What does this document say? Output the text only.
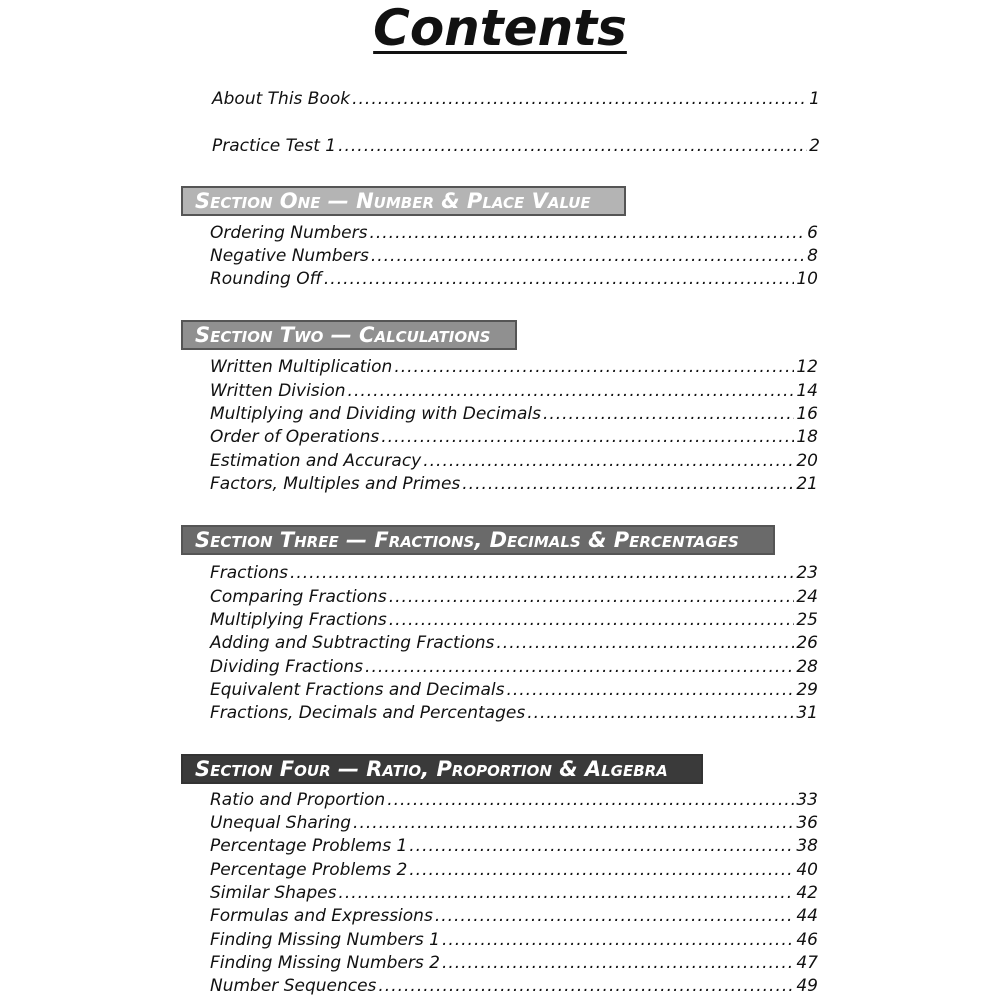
Contents
About This Book .....	1
Practice Test 1 .....	2
Section One — Number & Place Value
Ordering Numbers .....	6
Negative Numbers .....	8
Rounding Off .....	10
Section Two — Calculations
Written Multiplication .....	12
Written Division .....	14
Multiplying and Dividing with Decimals .....	16
Order of Operations .....	18
Estimation and Accuracy .....	20
Factors, Multiples and Primes .....	21
Section Three — Fractions, Decimals & Percentages
Fractions .....	23
Comparing Fractions .....	24
Multiplying Fractions .....	25
Adding and Subtracting Fractions .....	26
Dividing Fractions .....	28
Equivalent Fractions and Decimals .....	29
Fractions, Decimals and Percentages .....	31
Section Four — Ratio, Proportion & Algebra
Ratio and Proportion .....	33
Unequal Sharing .....	36
Percentage Problems 1 .....	38
Percentage Problems 2 .....	40
Similar Shapes .....	42
Formulas and Expressions .....	44
Finding Missing Numbers 1 .....	46
Finding Missing Numbers 2 .....	47
Number Sequences .....	49
